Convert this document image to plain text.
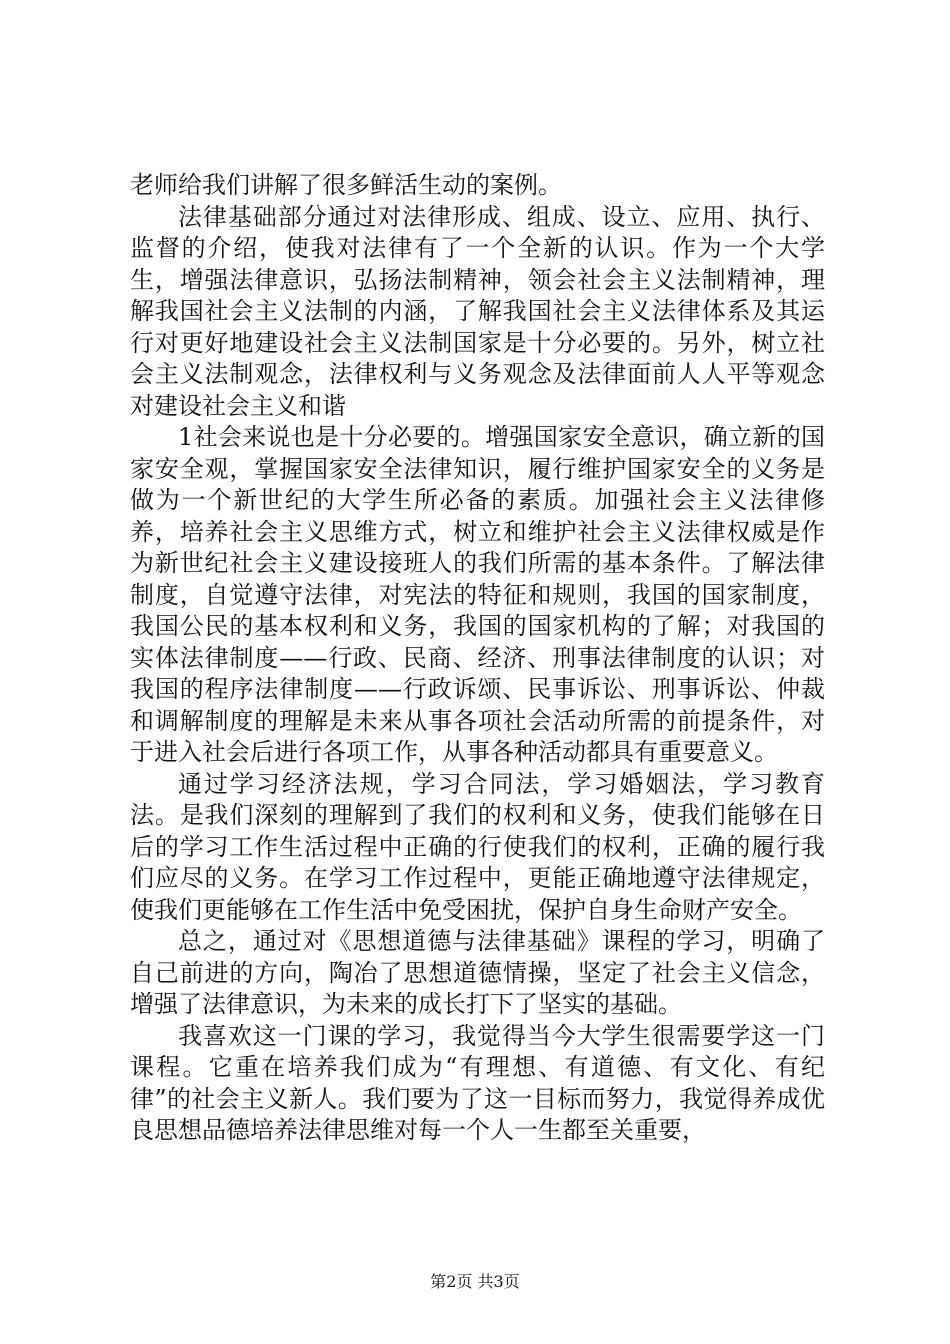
老师给我们讲解了很多鲜活生动的案例。

法律基础部分通过对法律形成、组成、设立、应用、执行、监督的介绍，使我对法律有了一个全新的认识。作为一个大学生，增强法律意识，弘扬法制精神，领会社会主义法制精神，理解我国社会主义法制的内涵，了解我国社会主义法律体系及其运行对更好地建设社会主义法制国家是十分必要的。另外，树立社会主义法制观念，法律权利与义务观念及法律面前人人平等观念对建设社会主义和谐

1社会来说也是十分必要的。增强国家安全意识，确立新的国家安全观，掌握国家安全法律知识，履行维护国家安全的义务是做为一个新世纪的大学生所必备的素质。加强社会主义法律修养，培养社会主义思维方式，树立和维护社会主义法律权威是作为新世纪社会主义建设接班人的我们所需的基本条件。了解法律制度，自觉遵守法律，对宪法的特征和规则，我国的国家制度，我国公民的基本权利和义务，我国的国家机构的了解；对我国的实体法律制度——行政、民商、经济、刑事法律制度的认识；对我国的程序法律制度——行政诉颂、民事诉讼、刑事诉讼、仲裁和调解制度的理解是未来从事各项社会活动所需的前提条件，对于进入社会后进行各项工作，从事各种活动都具有重要意义。

通过学习经济法规，学习合同法，学习婚姻法，学习教育法。是我们深刻的理解到了我们的权利和义务，使我们能够在日后的学习工作生活过程中正确的行使我们的权利，正确的履行我们应尽的义务。在学习工作过程中，更能正确地遵守法律规定，使我们更能够在工作生活中免受困扰，保护自身生命财产安全。

总之，通过对《思想道德与法律基础》课程的学习，明确了自己前进的方向，陶冶了思想道德情操，坚定了社会主义信念，增强了法律意识，为未来的成长打下了坚实的基础。

我喜欢这一门课的学习，我觉得当今大学生很需要学这一门课程。它重在培养我们成为“有理想、有道德、有文化、有纪律”的社会主义新人。我们要为了这一目标而努力，我觉得养成优良思想品德培养法律思维对每一个人一生都至关重要，

第2页 共3页
